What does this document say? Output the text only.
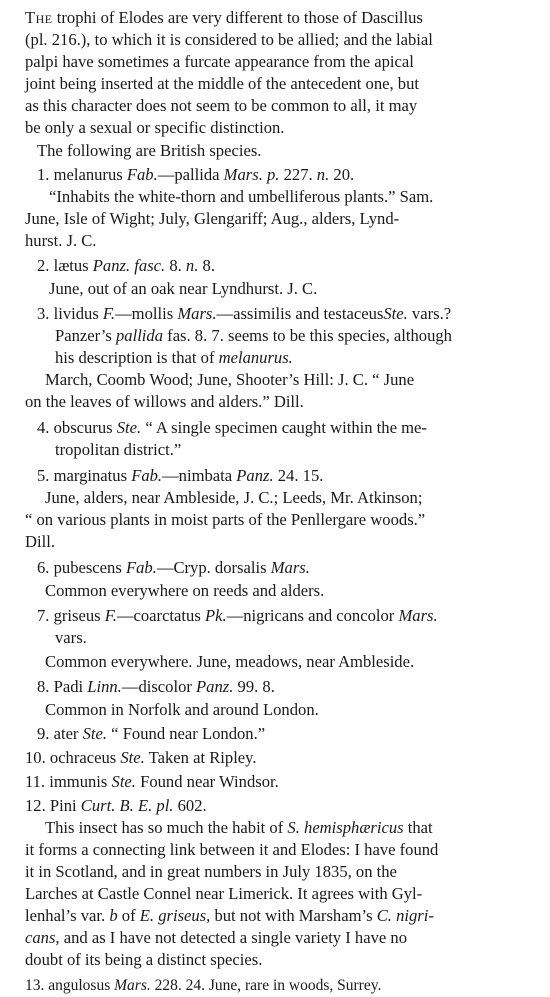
The trophi of Elodes are very different to those of Dascillus
(pl. 216.), to which it is considered to be allied; and the labial
palpi have sometimes a furcate appearance from the apical
joint being inserted at the middle of the antecedent one, but
as this character does not seem to be common to all, it may
be only a sexual or specific distinction.
The following are British species.
1. melanurus Fab.—pallida Mars. p. 227. n. 20.
“Inhabits the white-thorn and umbelliferous plants.” Sam.
June, Isle of Wight; July, Glengariff; Aug., alders, Lynd-
hurst. J. C.
2. lætus Panz. fasc. 8. n. 8.
June, out of an oak near Lyndhurst. J. C.
3. lividus F.—mollis Mars.—assimilis and testaceusSte. vars.?
Panzer’s pallida fas. 8. 7. seems to be this species, although
his description is that of melanurus.
March, Coomb Wood; June, Shooter’s Hill: J. C. “ June
on the leaves of willows and alders.” Dill.
4. obscurus Ste. “ A single specimen caught within the me-
tropolitan district.”
5. marginatus Fab.—nimbata Panz. 24. 15.
June, alders, near Ambleside, J. C.; Leeds, Mr. Atkinson;
“ on various plants in moist parts of the Penllergare woods.”
Dill.
6. pubescens Fab.—Cryp. dorsalis Mars.
Common everywhere on reeds and alders.
7. griseus F.—coarctatus Pk.—nigricans and concolor Mars.
vars.
Common everywhere. June, meadows, near Ambleside.
8. Padi Linn.—discolor Panz. 99. 8.
Common in Norfolk and around London.
9. ater Ste. “ Found near London.”
10. ochraceus Ste. Taken at Ripley.
11. immunis Ste. Found near Windsor.
12. Pini Curt. B. E. pl. 602.
This insect has so much the habit of S. hemisphæricus that
it forms a connecting link between it and Elodes: I have found
it in Scotland, and in great numbers in July 1835, on the
Larches at Castle Connel near Limerick. It agrees with Gyl-
lenhal’s var. b of E. griseus, but not with Marsham’s C. nigri-
cans, and as I have not detected a single variety I have no
doubt of its being a distinct species.
13. angulosus Mars. 228. 24. June, rare in woods, Surrey.
